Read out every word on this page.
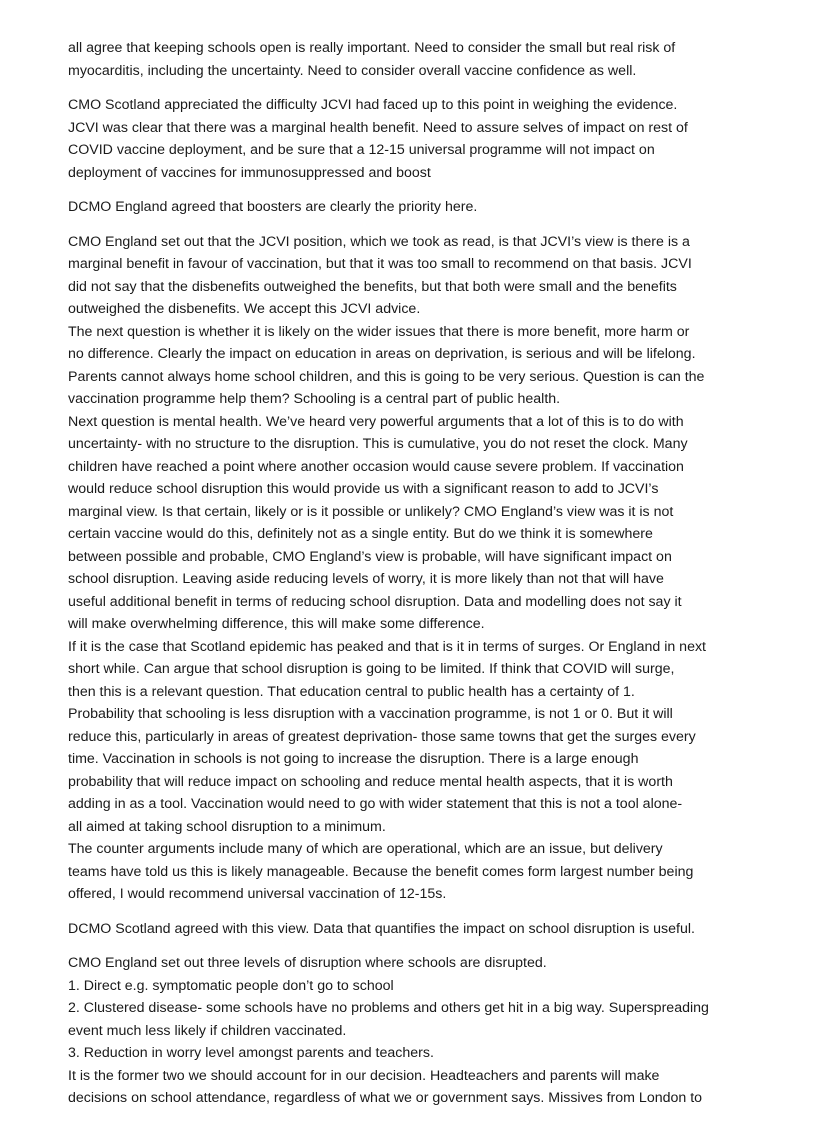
all agree that keeping schools open is really important. Need to consider the small but real risk of
myocarditis, including the uncertainty. Need to consider overall vaccine confidence as well.
CMO Scotland appreciated the difficulty JCVI had faced up to this point in weighing the evidence.
JCVI was clear that there was a marginal health benefit. Need to assure selves of impact on rest of
COVID vaccine deployment, and be sure that a 12-15 universal programme will not impact on
deployment of vaccines for immunosuppressed and boost
DCMO England agreed that boosters are clearly the priority here.
CMO England set out that the JCVI position, which we took as read, is that JCVI’s view is there is a
marginal benefit in favour of vaccination, but that it was too small to recommend on that basis. JCVI
did not say that the disbenefits outweighed the benefits, but that both were small and the benefits
outweighed the disbenefits. We accept this JCVI advice.
The next question is whether it is likely on the wider issues that there is more benefit, more harm or
no difference. Clearly the impact on education in areas on deprivation, is serious and will be lifelong.
Parents cannot always home school children, and this is going to be very serious. Question is can the
vaccination programme help them? Schooling is a central part of public health.
Next question is mental health. We’ve heard very powerful arguments that a lot of this is to do with
uncertainty- with no structure to the disruption. This is cumulative, you do not reset the clock. Many
children have reached a point where another occasion would cause severe problem. If vaccination
would reduce school disruption this would provide us with a significant reason to add to JCVI’s
marginal view. Is that certain, likely or is it possible or unlikely? CMO England’s view was it is not
certain vaccine would do this, definitely not as a single entity. But do we think it is somewhere
between possible and probable, CMO England’s view is probable, will have significant impact on
school disruption. Leaving aside reducing levels of worry, it is more likely than not that will have
useful additional benefit in terms of reducing school disruption. Data and modelling does not say it
will make overwhelming difference, this will make some difference.
If it is the case that Scotland epidemic has peaked and that is it in terms of surges. Or England in next
short while. Can argue that school disruption is going to be limited. If think that COVID will surge,
then this is a relevant question. That education central to public health has a certainty of 1.
Probability that schooling is less disruption with a vaccination programme, is not 1 or 0. But it will
reduce this, particularly in areas of greatest deprivation- those same towns that get the surges every
time. Vaccination in schools is not going to increase the disruption. There is a large enough
probability that will reduce impact on schooling and reduce mental health aspects, that it is worth
adding in as a tool. Vaccination would need to go with wider statement that this is not a tool alone-
all aimed at taking school disruption to a minimum.
The counter arguments include many of which are operational, which are an issue, but delivery
teams have told us this is likely manageable. Because the benefit comes form largest number being
offered, I would recommend universal vaccination of 12-15s.
DCMO Scotland agreed with this view. Data that quantifies the impact on school disruption is useful.
CMO England set out three levels of disruption where schools are disrupted.
1. Direct e.g. symptomatic people don’t go to school
2. Clustered disease- some schools have no problems and others get hit in a big way. Superspreading
event much less likely if children vaccinated.
3. Reduction in worry level amongst parents and teachers.
It is the former two we should account for in our decision. Headteachers and parents will make
decisions on school attendance, regardless of what we or government says. Missives from London to
